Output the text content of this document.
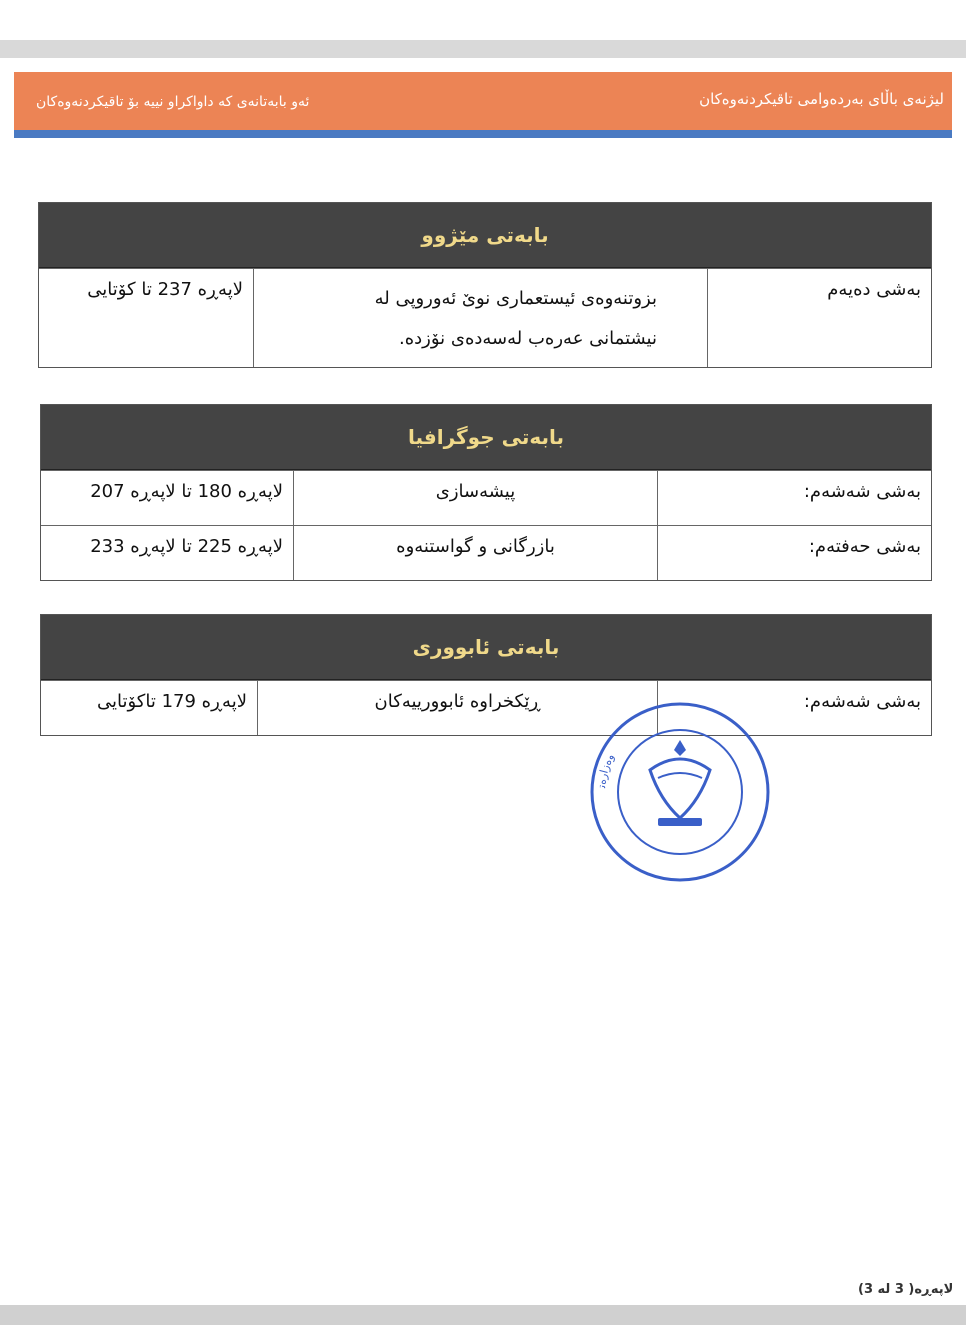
لیژنەی باڵای بەردەوامی تاقیکردنەوەکان
ئەو بابەتانەی کە داواکراو نییە بۆ تاقیکردنەوەکان
بابەتی مێژوو
بەشی دەیەم
بزوتنەوەی ئیستعماری نوێ ئەوروپی لە نیشتمانی عەرەب لەسەدەی نۆزدە.
لاپەڕە 237 تا کۆتایی
بابەتی جوگرافیا
بەشی شەشەم:
پیشەسازی
لاپەڕە 180 تا لاپەڕە 207
بەشی حەفتەم:
بازرگانی و گواستنەوە
لاپەڕە 225 تا لاپەڕە 233
بابەتی ئابووری
بەشی شەشەم:
ڕێکخراوە ئابوورییەکان
لاپەڕە 179 تاکۆتایی
وەزارەت
لاپەڕە( 3 لە 3)
